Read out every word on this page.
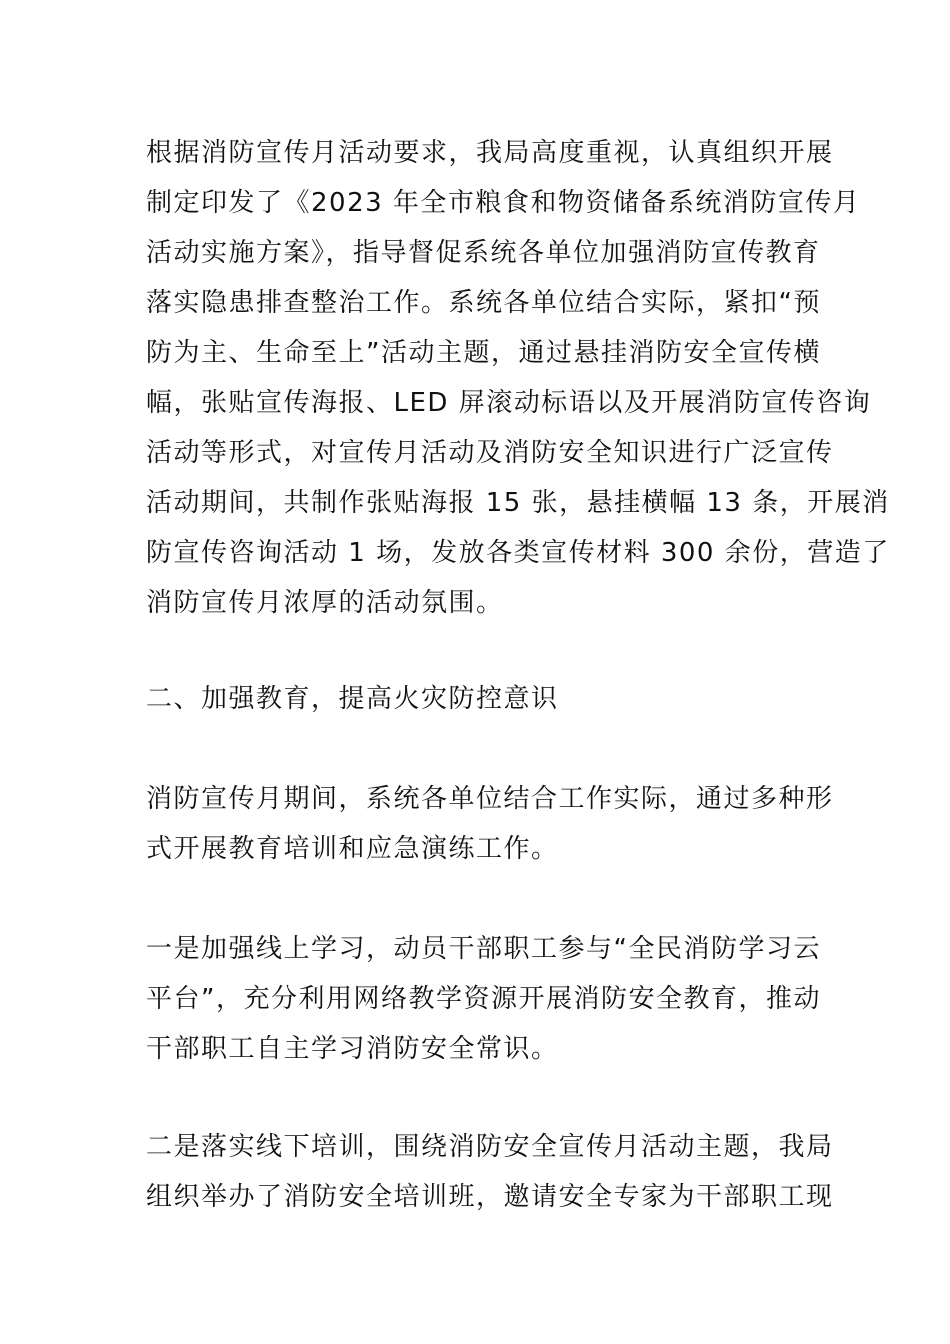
根据消防宣传月活动要求，我局高度重视，认真组织开展
制定印发了《2023 年全市粮食和物资储备系统消防宣传月
活动实施方案》，指导督促系统各单位加强消防宣传教育
落实隐患排查整治工作。系统各单位结合实际，紧扣“预
防为主、生命至上”活动主题，通过悬挂消防安全宣传横
幅，张贴宣传海报、LED 屏滚动标语以及开展消防宣传咨询
活动等形式，对宣传月活动及消防安全知识进行广泛宣传
活动期间，共制作张贴海报 15 张，悬挂横幅 13 条，开展消
防宣传咨询活动 1 场，发放各类宣传材料 300 余份，营造了
消防宣传月浓厚的活动氛围。
二、加强教育，提高火灾防控意识
消防宣传月期间，系统各单位结合工作实际，通过多种形
式开展教育培训和应急演练工作。
一是加强线上学习，动员干部职工参与“全民消防学习云
平台”，充分利用网络教学资源开展消防安全教育，推动
干部职工自主学习消防安全常识。
二是落实线下培训，围绕消防安全宣传月活动主题，我局
组织举办了消防安全培训班，邀请安全专家为干部职工现
